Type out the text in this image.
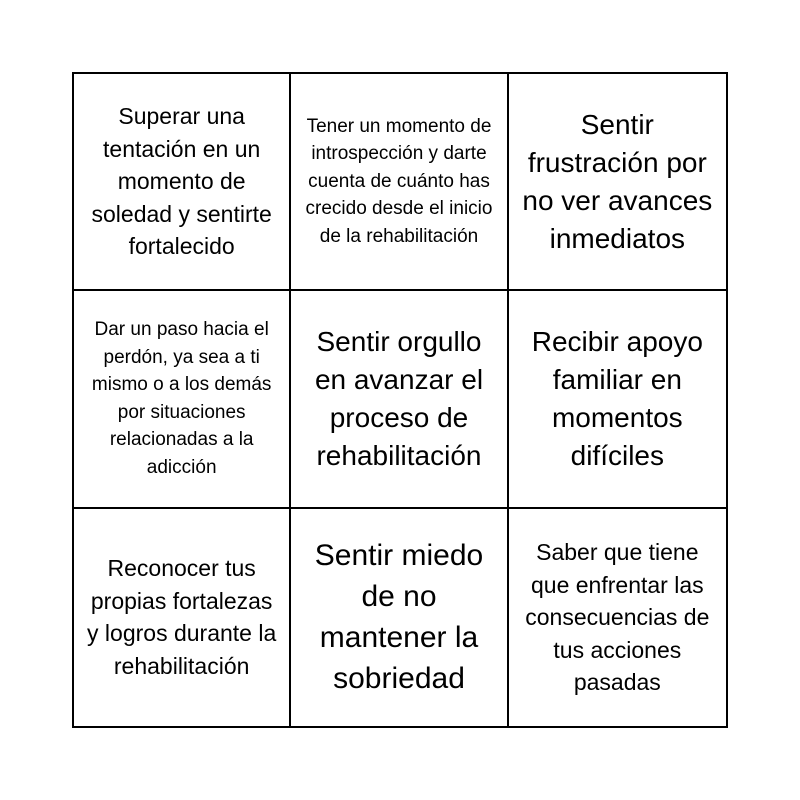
Superar una tentación en un momento de soledad y sentirte fortalecido
Tener un momento de introspección y darte cuenta de cuánto has crecido desde el inicio de la rehabilitación
Sentir frustración por no ver avances inmediatos
Dar un paso hacia el perdón, ya sea a ti mismo o a los demás por situaciones relacionadas a la adicción
Sentir orgullo en avanzar el proceso de rehabilitación
Recibir apoyo familiar en momentos difíciles
Reconocer tus propias fortalezas y logros durante la rehabilitación
Sentir miedo de no mantener la sobriedad
Saber que tiene que enfrentar las consecuencias de tus acciones pasadas
